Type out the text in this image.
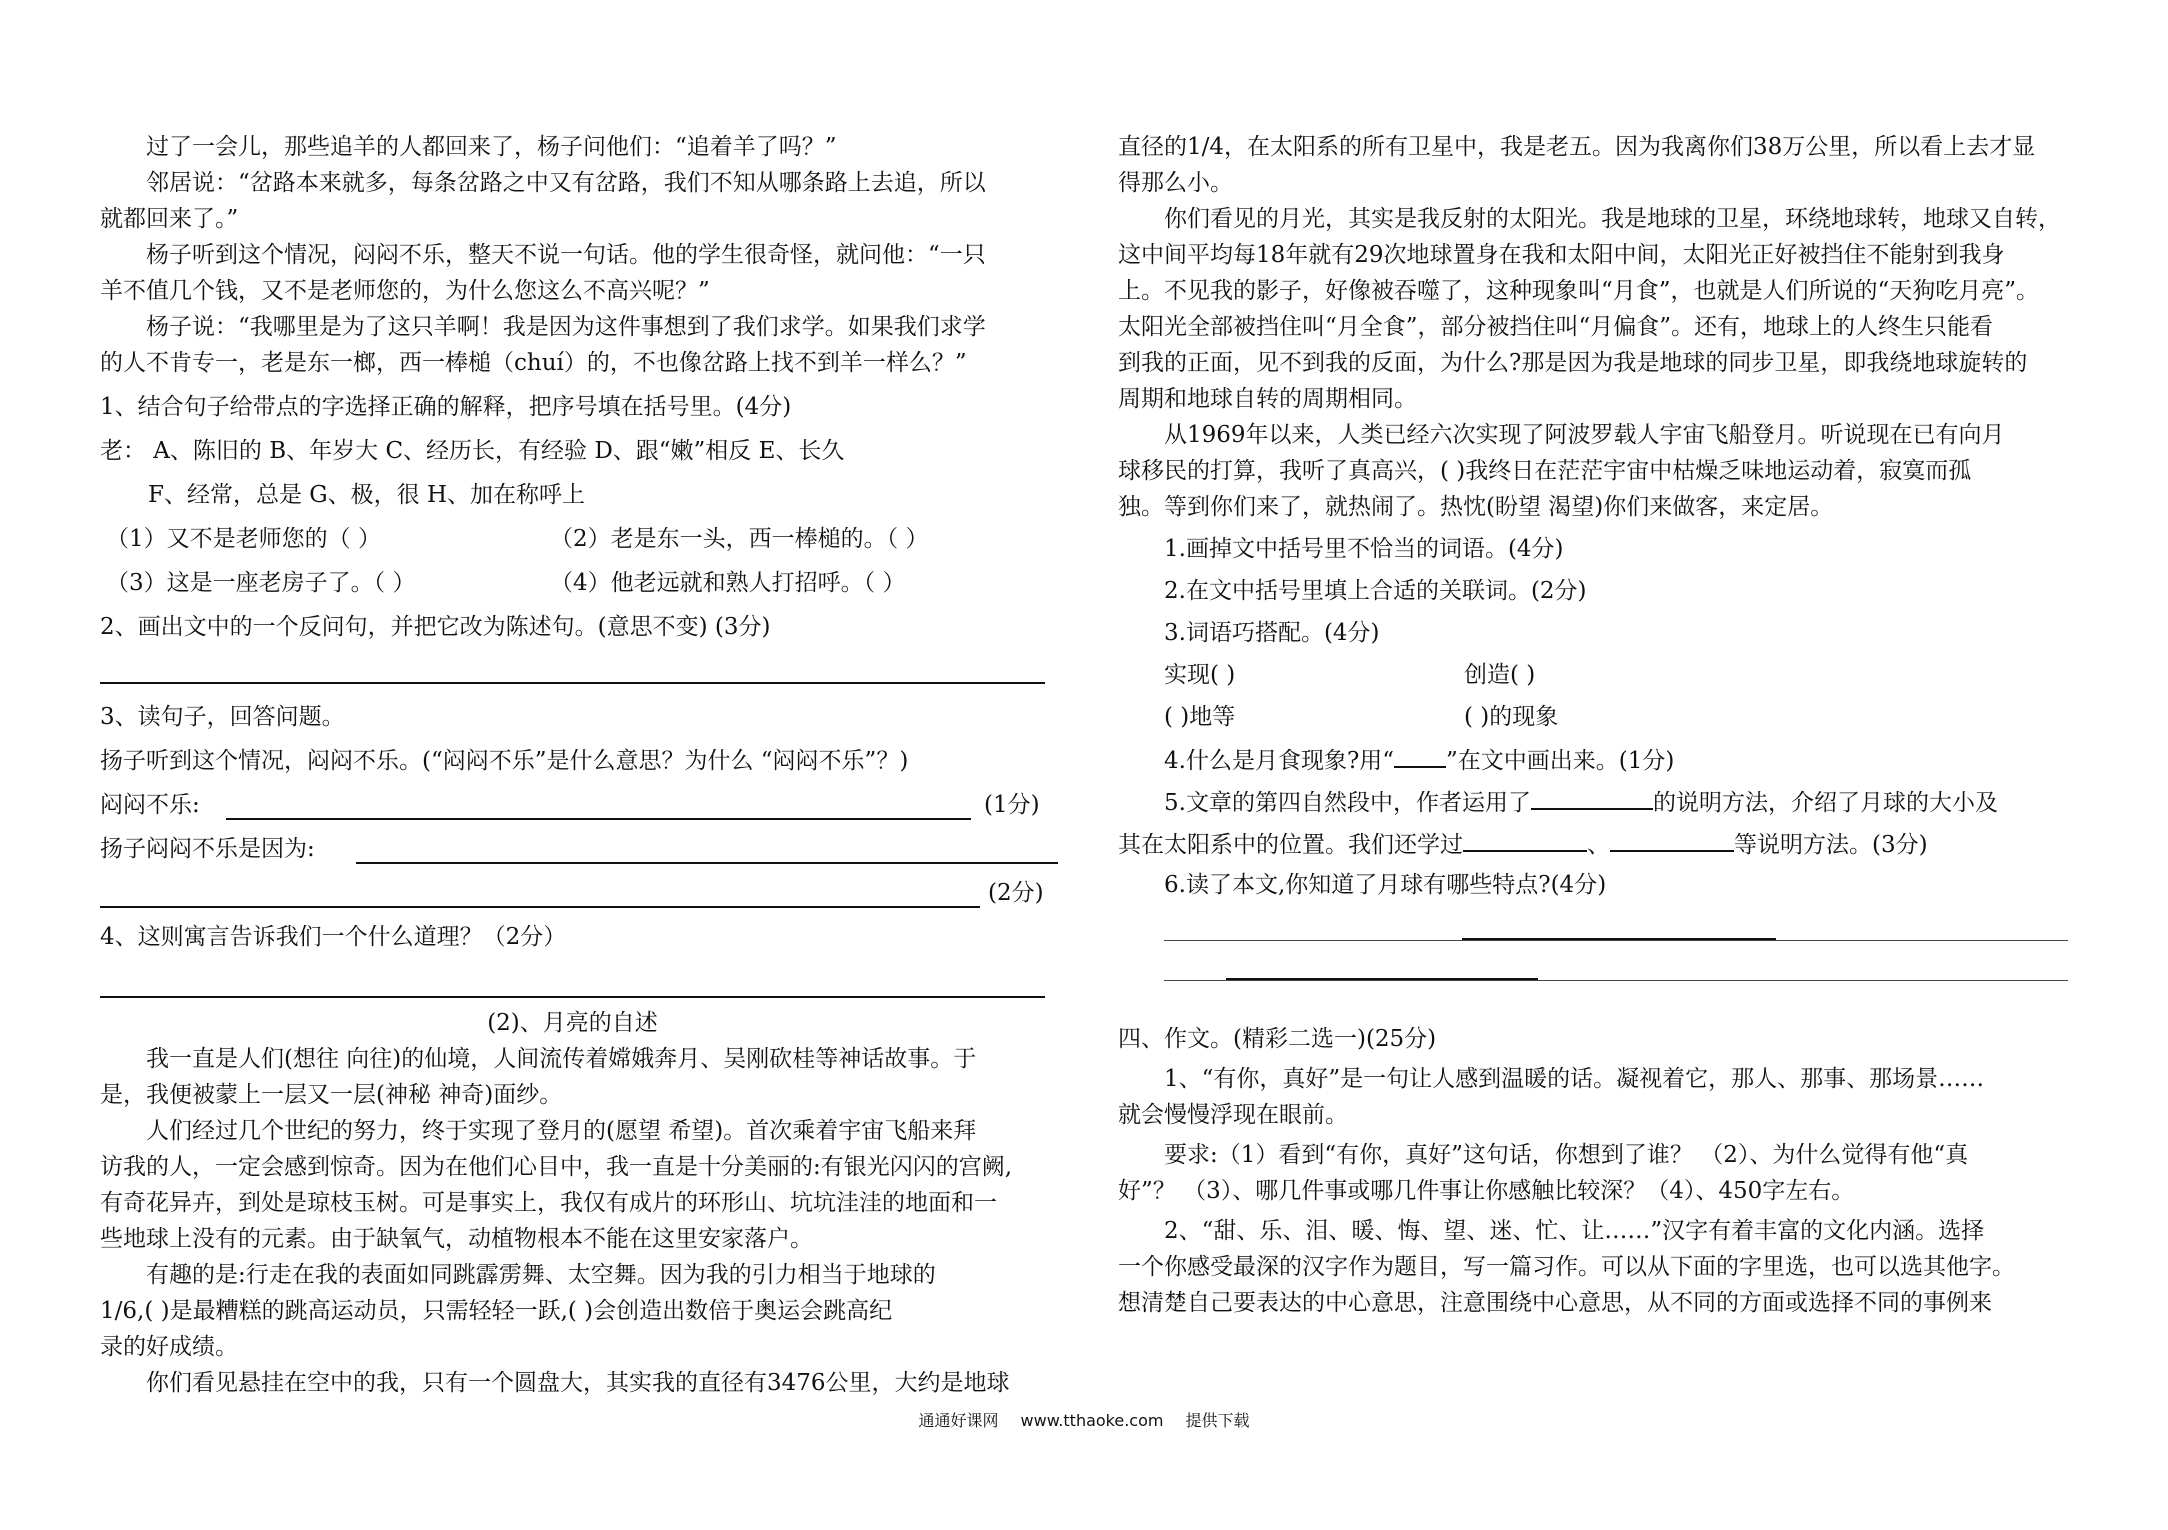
过了一会儿，那些追羊的人都回来了，杨子问他们：“追着羊了吗？”
邻居说：“岔路本来就多，每条岔路之中又有岔路，我们不知从哪条路上去追，所以
就都回来了。”
杨子听到这个情况，闷闷不乐，整天不说一句话。他的学生很奇怪，就问他：“一只
羊不值几个钱，又不是老师您的，为什么您这么不高兴呢？”
杨子说：“我哪里是为了这只羊啊！我是因为这件事想到了我们求学。如果我们求学
的人不肯专一，老是东一榔，西一棒槌（chuí）的，不也像岔路上找不到羊一样么？”
1、结合句子给带点的字选择正确的解释，把序号填在括号里。(4分)
老： A、陈旧的 B、年岁大 C、经历长，有经验 D、跟“嫩”相反 E、长久
F、经常，总是 G、极，很 H、加在称呼上
（1）又不是老师您的（ ）	（2）老是东一头，西一棒槌的。（ ）
（3）这是一座老房子了。（ ）	（4）他老远就和熟人打招呼。（ ）
2、画出文中的一个反问句，并把它改为陈述句。(意思不变) (3分)
3、读句子，回答问题。
扬子听到这个情况，闷闷不乐。(“闷闷不乐”是什么意思？为什么 “闷闷不乐”？)
闷闷不乐:	(1分)
扬子闷闷不乐是因为:
(2分)
4、这则寓言告诉我们一个什么道理？（2分）
(2)、月亮的自述
我一直是人们(想往 向往)的仙境，人间流传着嫦娥奔月、吴刚砍桂等神话故事。于
是，我便被蒙上一层又一层(神秘 神奇)面纱。
人们经过几个世纪的努力，终于实现了登月的(愿望 希望)。首次乘着宇宙飞船来拜
访我的人，一定会感到惊奇。因为在他们心目中，我一直是十分美丽的:有银光闪闪的宫阙,
有奇花异卉，到处是琼枝玉树。可是事实上，我仅有成片的环形山、坑坑洼洼的地面和一
些地球上没有的元素。由于缺氧气，动植物根本不能在这里安家落户。
有趣的是:行走在我的表面如同跳霹雳舞、太空舞。因为我的引力相当于地球的
1/6,( )是最糟糕的跳高运动员，只需轻轻一跃,( )会创造出数倍于奥运会跳高纪
录的好成绩。
你们看见悬挂在空中的我，只有一个圆盘大，其实我的直径有3476公里，大约是地球
直径的1/4，在太阳系的所有卫星中，我是老五。因为我离你们38万公里，所以看上去才显
得那么小。
你们看见的月光，其实是我反射的太阳光。我是地球的卫星，环绕地球转，地球又自转，
这中间平均每18年就有29次地球置身在我和太阳中间，太阳光正好被挡住不能射到我身
上。不见我的影子，好像被吞噬了，这种现象叫“月食”，也就是人们所说的“天狗吃月亮”。
太阳光全部被挡住叫“月全食”，部分被挡住叫“月偏食”。还有，地球上的人终生只能看
到我的正面，见不到我的反面，为什么?那是因为我是地球的同步卫星，即我绕地球旋转的
周期和地球自转的周期相同。
从1969年以来，人类已经六次实现了阿波罗载人宇宙飞船登月。听说现在已有向月
球移民的打算，我听了真高兴，( )我终日在茫茫宇宙中枯燥乏味地运动着，寂寞而孤
独。等到你们来了，就热闹了。热忱(盼望 渴望)你们来做客，来定居。
1.画掉文中括号里不恰当的词语。(4分)
2.在文中括号里填上合适的关联词。(2分)
3.词语巧搭配。(4分)
实现( )	创造( )
( )地等	( )的现象
4.什么是月食现象?用“ ”在文中画出来。(1分)
5.文章的第四自然段中，作者运用了	的说明方法，介绍了月球的大小及
其在太阳系中的位置。我们还学过	、	等说明方法。(3分)
6.读了本文,你知道了月球有哪些特点?(4分)
四、作文。(精彩二选一)(25分)
1、“有你，真好”是一句让人感到温暖的话。凝视着它，那人、那事、那场景……
就会慢慢浮现在眼前。
要求:（1）看到“有你，真好”这句话，你想到了谁？ （2）、为什么觉得有他“真
好”？ （3）、哪几件事或哪几件事让你感触比较深？（4）、450字左右。
2、“甜、乐、泪、暖、悔、望、迷、忙、让……”汉字有着丰富的文化内涵。选择
一个你感受最深的汉字作为题目，写一篇习作。可以从下面的字里选，也可以选其他字。
想清楚自己要表达的中心意思，注意围绕中心意思，从不同的方面或选择不同的事例来
通通好课网 www.tthaoke.com 提供下载
